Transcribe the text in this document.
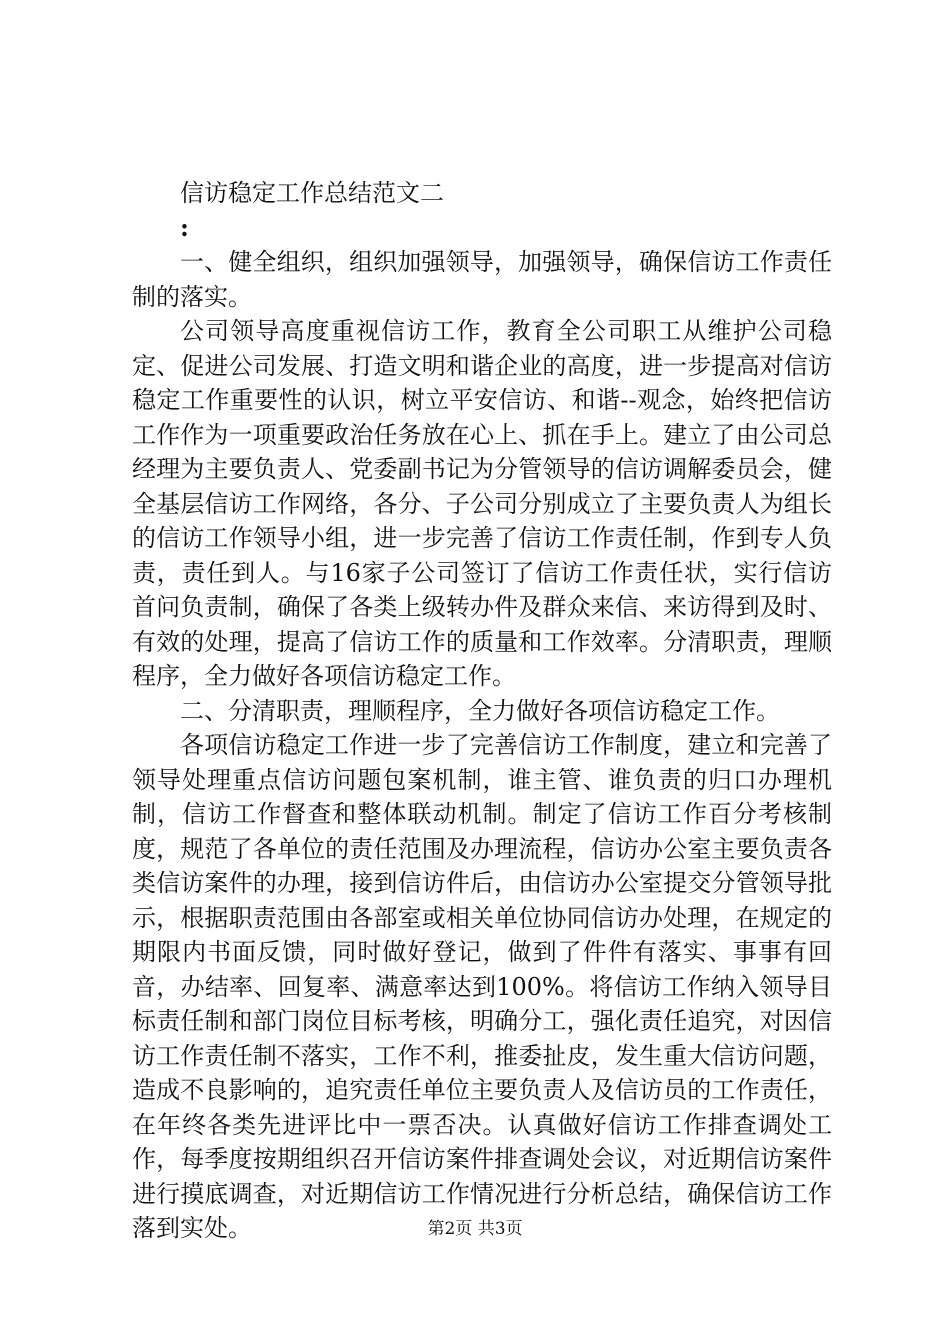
信访稳定工作总结范文二

:

一、健全组织，组织加强领导，加强领导，确保信访工作责任制的落实。

公司领导高度重视信访工作，教育全公司职工从维护公司稳定、促进公司发展、打造文明和谐企业的高度，进一步提高对信访稳定工作重要性的认识，树立平安信访、和谐--观念，始终把信访工作作为一项重要政治任务放在心上、抓在手上。建立了由公司总经理为主要负责人、党委副书记为分管领导的信访调解委员会，健全基层信访工作网络，各分、子公司分别成立了主要负责人为组长的信访工作领导小组，进一步完善了信访工作责任制，作到专人负责，责任到人。与16家子公司签订了信访工作责任状，实行信访首问负责制，确保了各类上级转办件及群众来信、来访得到及时、有效的处理，提高了信访工作的质量和工作效率。分清职责，理顺程序，全力做好各项信访稳定工作。

二、分清职责，理顺程序，全力做好各项信访稳定工作。

各项信访稳定工作进一步了完善信访工作制度，建立和完善了领导处理重点信访问题包案机制，谁主管、谁负责的归口办理机制，信访工作督查和整体联动机制。制定了信访工作百分考核制度，规范了各单位的责任范围及办理流程，信访办公室主要负责各类信访案件的办理，接到信访件后，由信访办公室提交分管领导批示，根据职责范围由各部室或相关单位协同信访办处理，在规定的期限内书面反馈，同时做好登记，做到了件件有落实、事事有回音，办结率、回复率、满意率达到100%。将信访工作纳入领导目标责任制和部门岗位目标考核，明确分工，强化责任追究，对因信访工作责任制不落实，工作不利，推委扯皮，发生重大信访问题，造成不良影响的，追究责任单位主要负责人及信访员的工作责任，在年终各类先进评比中一票否决。认真做好信访工作排查调处工作，每季度按期组织召开信访案件排查调处会议，对近期信访案件进行摸底调查，对近期信访工作情况进行分析总结，确保信访工作落到实处。	第2页 共3页
